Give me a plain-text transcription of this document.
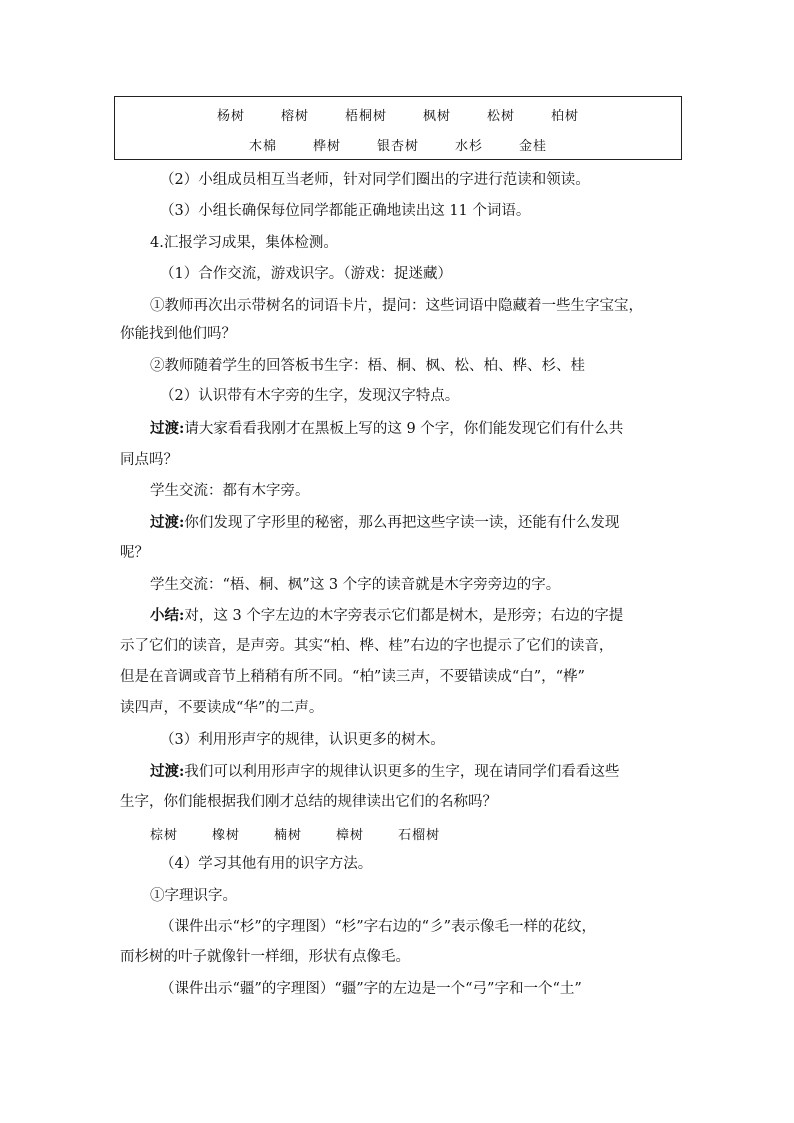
杨树	榕树	梧桐树	枫树	松树	柏树
木棉	桦树	银杏树	水杉	金桂
（2）小组成员相互当老师，针对同学们圈出的字进行范读和领读。
（3）小组长确保每位同学都能正确地读出这 11 个词语。
4.汇报学习成果，集体检测。
（1）合作交流，游戏识字。（游戏：捉迷藏）
①教师再次出示带树名的词语卡片，提问：这些词语中隐藏着一些生字宝宝，
你能找到他们吗？
②教师随着学生的回答板书生字：梧、桐、枫、松、柏、桦、杉、桂
（2）认识带有木字旁的生字，发现汉字特点。
过渡:请大家看看我刚才在黑板上写的这 9 个字，你们能发现它们有什么共
同点吗？
学生交流：都有木字旁。
过渡:你们发现了字形里的秘密，那么再把这些字读一读，还能有什么发现
呢？
学生交流：“梧、桐、枫”这 3 个字的读音就是木字旁旁边的字。
小结:对，这 3 个字左边的木字旁表示它们都是树木，是形旁；右边的字提
示了它们的读音，是声旁。其实“柏、桦、桂”右边的字也提示了它们的读音，
但是在音调或音节上稍稍有所不同。“柏”读三声，不要错读成“白”，“桦”
读四声，不要读成“华”的二声。
（3）利用形声字的规律，认识更多的树木。
过渡:我们可以利用形声字的规律认识更多的生字，现在请同学们看看这些
生字，你们能根据我们刚才总结的规律读出它们的名称吗？
棕树	橡树	楠树	樟树	石榴树
（4）学习其他有用的识字方法。
①字理识字。
（课件出示“杉”的字理图）“杉”字右边的“彡”表示像毛一样的花纹，
而杉树的叶子就像针一样细，形状有点像毛。
（课件出示“疆”的字理图）“疆”字的左边是一个“弓”字和一个“土”
